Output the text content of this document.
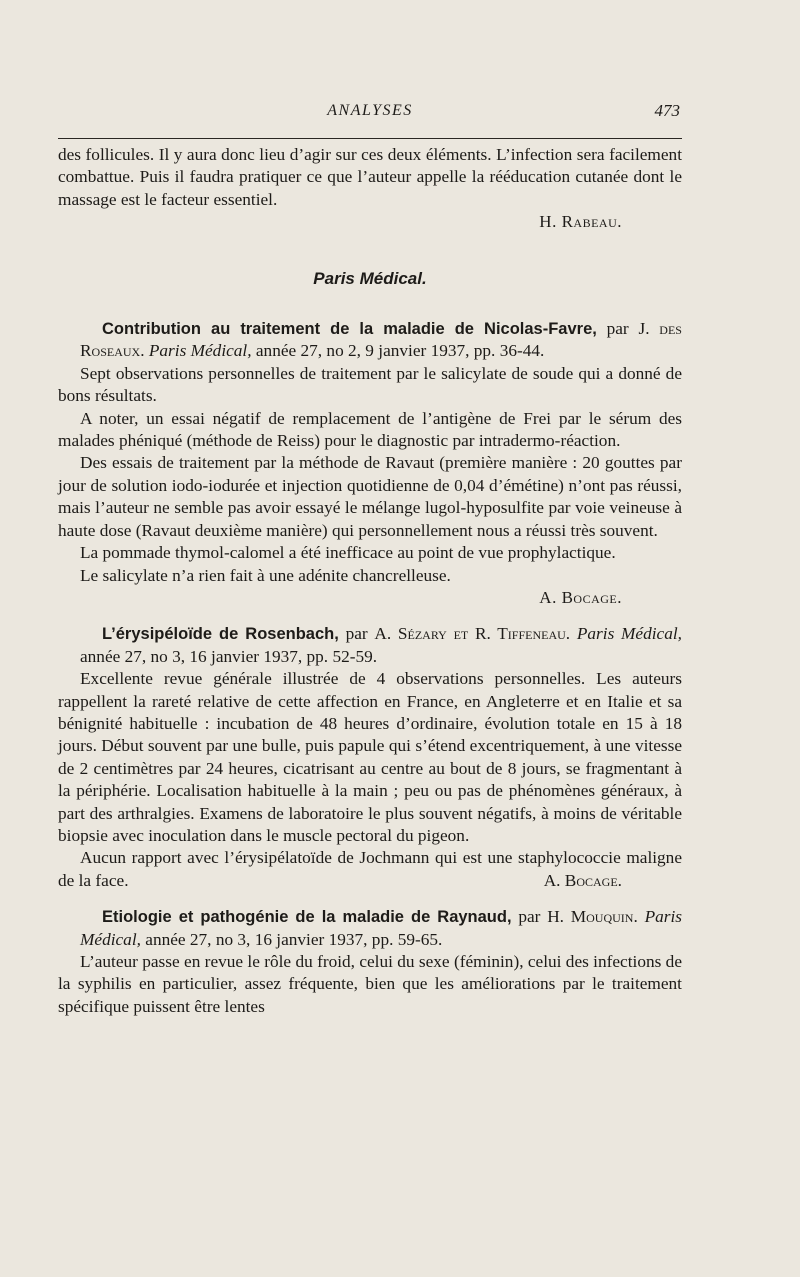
ANALYSES	473

des follicules. Il y aura donc lieu d’agir sur ces deux éléments. L’infection sera facilement combattue. Puis il faudra pratiquer ce que l’auteur appelle la rééducation cutanée dont le massage est le facteur essentiel.

H. Rabeau.

Paris Médical.

Contribution au traitement de la maladie de Nicolas-Favre, par J. des Roseaux. Paris Médical, année 27, no 2, 9 janvier 1937, pp. 36-44.

Sept observations personnelles de traitement par le salicylate de soude qui a donné de bons résultats.

A noter, un essai négatif de remplacement de l’antigène de Frei par le sérum des malades phéniqué (méthode de Reiss) pour le diagnostic par intradermo-réaction.

Des essais de traitement par la méthode de Ravaut (première manière : 20 gouttes par jour de solution iodo-iodurée et injection quotidienne de 0,04 d’émétine) n’ont pas réussi, mais l’auteur ne semble pas avoir essayé le mélange lugol-hyposulfite par voie veineuse à haute dose (Ravaut deuxième manière) qui personnellement nous a réussi très souvent.

La pommade thymol-calomel a été inefficace au point de vue prophylactique.

Le salicylate n’a rien fait à une adénite chancrelleuse.

A. Bocage.

L’érysipéloïde de Rosenbach, par A. Sézary et R. Tiffeneau. Paris Médical, année 27, no 3, 16 janvier 1937, pp. 52-59.

Excellente revue générale illustrée de 4 observations personnelles. Les auteurs rappellent la rareté relative de cette affection en France, en Angleterre et en Italie et sa bénignité habituelle : incubation de 48 heures d’ordinaire, évolution totale en 15 à 18 jours. Début souvent par une bulle, puis papule qui s’étend excentriquement, à une vitesse de 2 centimètres par 24 heures, cicatrisant au centre au bout de 8 jours, se fragmentant à la périphérie. Localisation habituelle à la main ; peu ou pas de phénomènes généraux, à part des arthralgies. Examens de laboratoire le plus souvent négatifs, à moins de véritable biopsie avec inoculation dans le muscle pectoral du pigeon.

Aucun rapport avec l’érysipélatoïde de Jochmann qui est une staphylococcie maligne de la face.	A. Bocage.

Etiologie et pathogénie de la maladie de Raynaud, par H. Mouquin. Paris Médical, année 27, no 3, 16 janvier 1937, pp. 59-65.

L’auteur passe en revue le rôle du froid, celui du sexe (féminin), celui des infections de la syphilis en particulier, assez fréquente, bien que les améliorations par le traitement spécifique puissent être lentes
